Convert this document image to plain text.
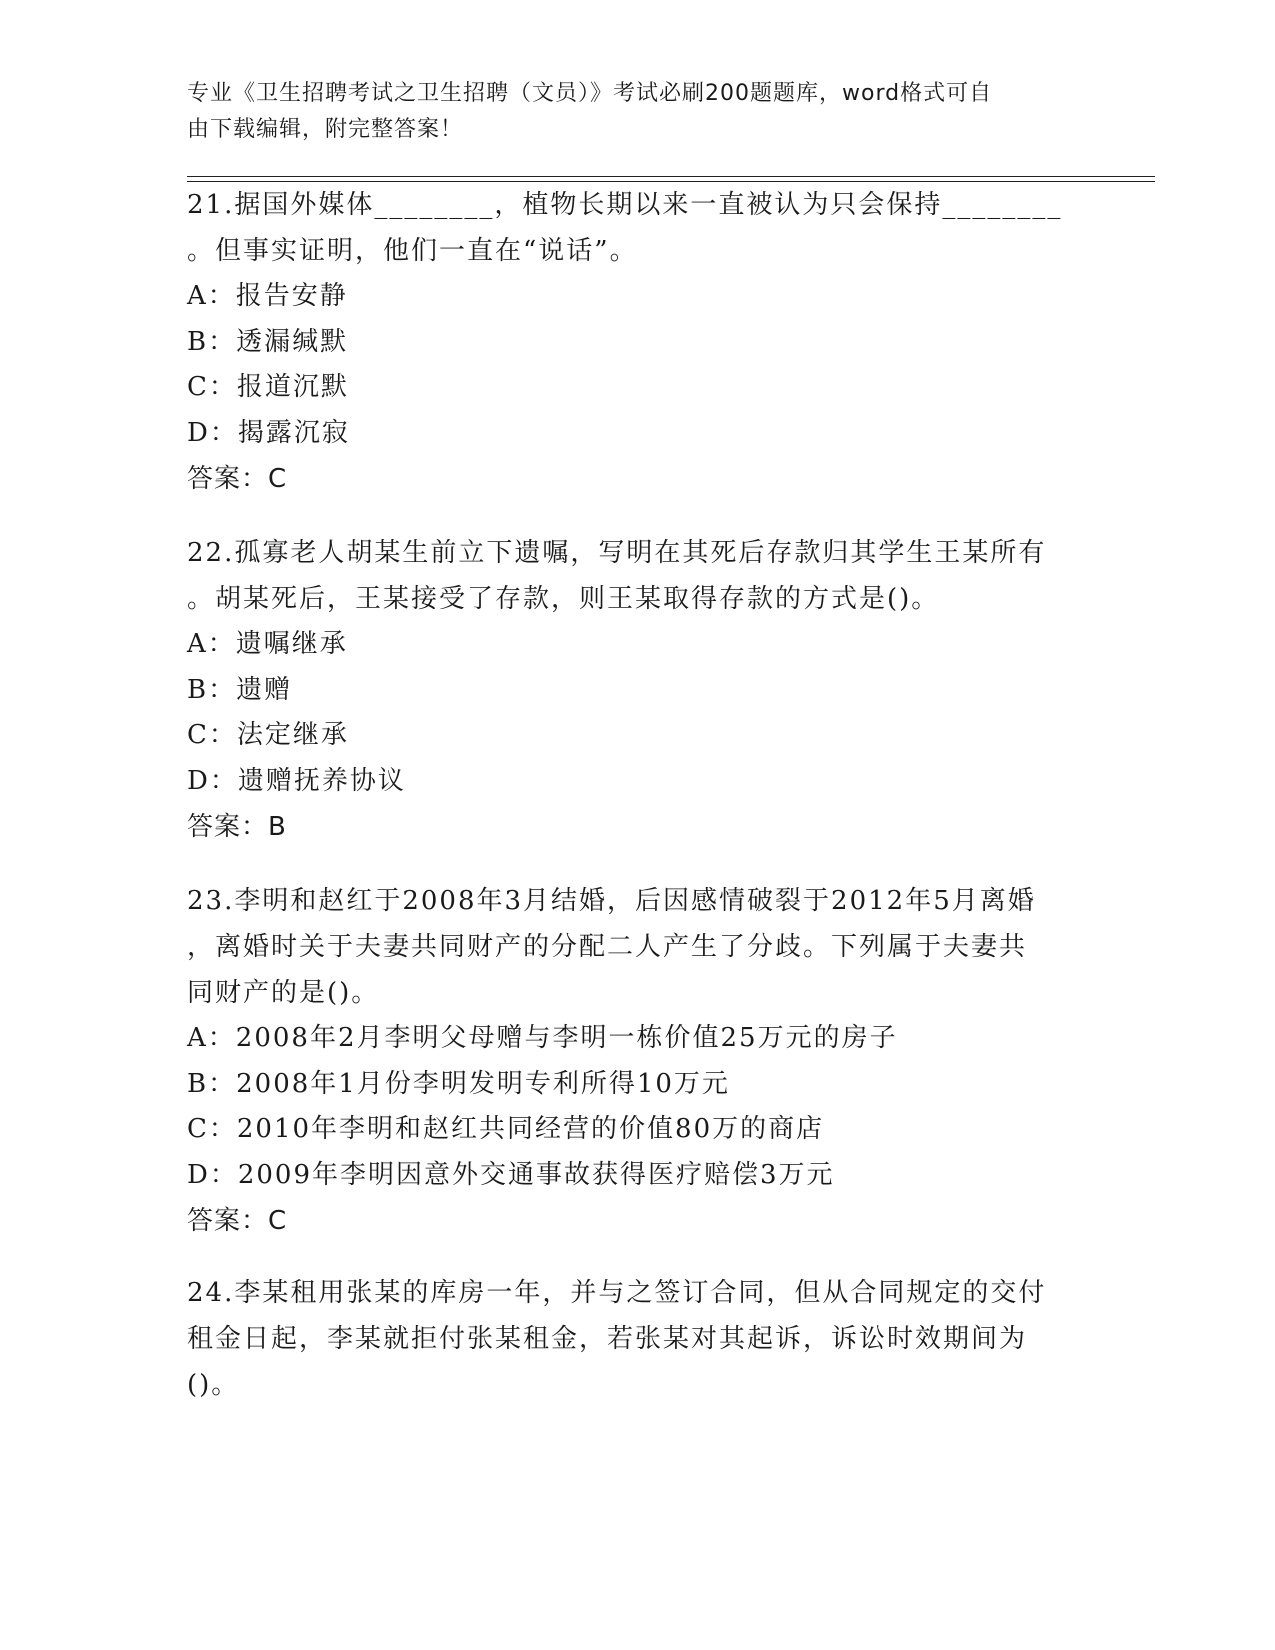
专业《卫生招聘考试之卫生招聘（文员）》考试必刷200题题库，word格式可自
由下载编辑，附完整答案！
21.据国外媒体________，植物长期以来一直被认为只会保持________
。但事实证明，他们一直在“说话”。
A：报告安静
B：透漏缄默
C：报道沉默
D：揭露沉寂
答案：C
22.孤寡老人胡某生前立下遗嘱，写明在其死后存款归其学生王某所有
。胡某死后，王某接受了存款，则王某取得存款的方式是()。
A：遗嘱继承
B：遗赠
C：法定继承
D：遗赠抚养协议
答案：B
23.李明和赵红于2008年3月结婚，后因感情破裂于2012年5月离婚
，离婚时关于夫妻共同财产的分配二人产生了分歧。下列属于夫妻共
同财产的是()。
A：2008年2月李明父母赠与李明一栋价值25万元的房子
B：2008年1月份李明发明专利所得10万元
C：2010年李明和赵红共同经营的价值80万的商店
D：2009年李明因意外交通事故获得医疗赔偿3万元
答案：C
24.李某租用张某的库房一年，并与之签订合同，但从合同规定的交付
租金日起，李某就拒付张某租金，若张某对其起诉，诉讼时效期间为
()。
